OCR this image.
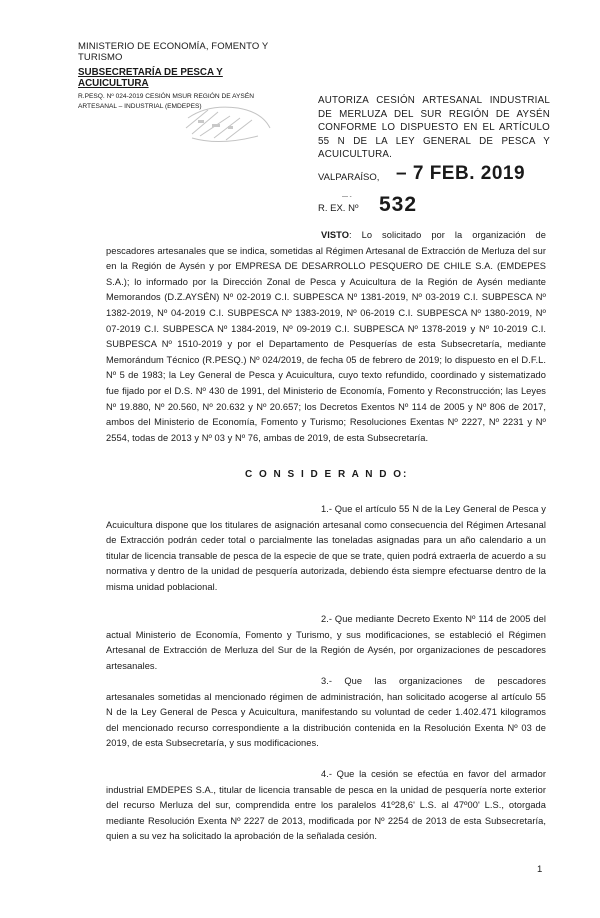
MINISTERIO DE ECONOMÍA, FOMENTO Y TURISMO
SUBSECRETARÍA DE PESCA Y ACUICULTURA
R.PESQ. Nº 024-2019 CESIÓN MSUR REGIÓN DE AYSÉN ARTESANAL – INDUSTRIAL (EMDEPES)
AUTORIZA CESIÓN ARTESANAL INDUSTRIAL DE MERLUZA DEL SUR REGIÓN DE AYSÉN CONFORME LO DISPUESTO EN EL ARTÍCULO 55 N DE LA LEY GENERAL DE PESCA Y ACUICULTURA.
VALPARAÍSO, – 7 FEB. 2019
— ‐
R. EX. Nº 532
VISTO: Lo solicitado por la organización de pescadores artesanales que se indica, sometidas al Régimen Artesanal de Extracción de Merluza del sur en la Región de Aysén y por EMPRESA DE DESARROLLO PESQUERO DE CHILE S.A. (EMDEPES S.A.); lo informado por la Dirección Zonal de Pesca y Acuicultura de la Región de Aysén mediante Memorandos (D.Z.AYSÉN) Nº 02-2019 C.I. SUBPESCA Nº 1381-2019, Nº 03-2019 C.I. SUBPESCA Nº 1382-2019, Nº 04-2019 C.I. SUBPESCA Nº 1383-2019, Nº 06-2019 C.I. SUBPESCA Nº 1380-2019, Nº 07-2019 C.I. SUBPESCA Nº 1384-2019, Nº 09-2019 C.I. SUBPESCA Nº 1378-2019 y Nº 10-2019 C.I. SUBPESCA Nº 1510-2019 y por el Departamento de Pesquerías de esta Subsecretaría, mediante Memorándum Técnico (R.PESQ.) Nº 024/2019, de fecha 05 de febrero de 2019; lo dispuesto en el D.F.L. Nº 5 de 1983; la Ley General de Pesca y Acuicultura, cuyo texto refundido, coordinado y sistematizado fue fijado por el D.S. Nº 430 de 1991, del Ministerio de Economía, Fomento y Reconstrucción; las Leyes Nº 19.880, Nº 20.560, Nº 20.632 y Nº 20.657; los Decretos Exentos Nº 114 de 2005 y Nº 806 de 2017, ambos del Ministerio de Economía, Fomento y Turismo; Resoluciones Exentas Nº 2227, Nº 2231 y Nº 2554, todas de 2013 y Nº 03 y Nº 76, ambas de 2019, de esta Subsecretaría.
C O N S I D E R A N D O:
1.- Que el artículo 55 N de la Ley General de Pesca y Acuicultura dispone que los titulares de asignación artesanal como consecuencia del Régimen Artesanal de Extracción podrán ceder total o parcialmente las toneladas asignadas para un año calendario a un titular de licencia transable de pesca de la especie de que se trate, quien podrá extraerla de acuerdo a su normativa y dentro de la unidad de pesquería autorizada, debiendo ésta siempre efectuarse dentro de la misma unidad poblacional.
2.- Que mediante Decreto Exento Nº 114 de 2005 del actual Ministerio de Economía, Fomento y Turismo, y sus modificaciones, se estableció el Régimen Artesanal de Extracción de Merluza del Sur de la Región de Aysén, por organizaciones de pescadores artesanales.
3.- Que las organizaciones de pescadores artesanales sometidas al mencionado régimen de administración, han solicitado acogerse al artículo 55 N de la Ley General de Pesca y Acuicultura, manifestando su voluntad de ceder 1.402.471 kilogramos del mencionado recurso correspondiente a la distribución contenida en la Resolución Exenta Nº 03 de 2019, de esta Subsecretaría, y sus modificaciones.
4.- Que la cesión se efectúa en favor del armador industrial EMDEPES S.A., titular de licencia transable de pesca en la unidad de pesquería norte exterior del recurso Merluza del sur, comprendida entre los paralelos 41º28,6' L.S. al 47º00' L.S., otorgada mediante Resolución Exenta Nº 2227 de 2013, modificada por Nº 2254 de 2013 de esta Subsecretaría, quien a su vez ha solicitado la aprobación de la señalada cesión.
1
